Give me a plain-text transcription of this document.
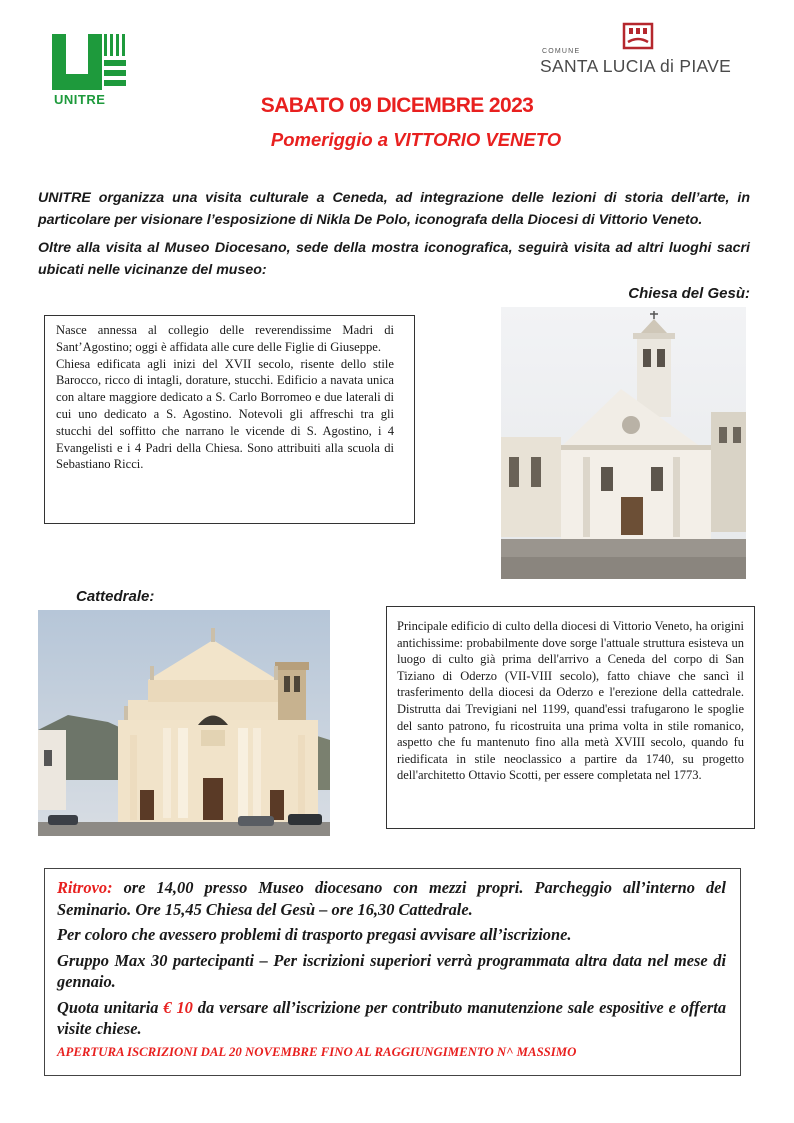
UNITRE
COMUNE
SANTA LUCIA di PIAVE
SABATO 09 DICEMBRE 2023
Pomeriggio a VITTORIO VENETO
UNITRE organizza una visita culturale a Ceneda, ad integrazione delle lezioni di storia dell’arte, in particolare per visionare l’esposizione di Nikla De Polo, iconografa della Diocesi di Vittorio Veneto.
Oltre alla visita al Museo Diocesano, sede della mostra iconografica, seguirà visita ad altri luoghi sacri ubicati nelle vicinanze del museo:
Chiesa del Gesù:
Nasce annessa al collegio delle reverendissime Madri di Sant’Agostino; oggi è affidata alle cure delle Figlie di Giuseppe.
Chiesa edificata agli inizi del XVII secolo, risente dello stile Barocco, ricco di intagli, dorature, stucchi. Edificio a navata unica con altare maggiore dedicato a S. Carlo Borromeo e due laterali di cui uno dedicato a S. Agostino. Notevoli gli affreschi tra gli stucchi del soffitto che narrano le vicende di S. Agostino, i 4 Evangelisti e i 4 Padri della Chiesa. Sono attribuiti alla scuola di Sebastiano Ricci.
Cattedrale:
Principale edificio di culto della diocesi di Vittorio Veneto, ha origini antichissime: probabilmente dove sorge l'attuale struttura esisteva un luogo di culto già prima dell'arrivo a Ceneda del corpo di San Tiziano di Oderzo (VII-VIII secolo), fatto chiave che sancì il trasferimento della diocesi da Oderzo e l'erezione della cattedrale. Distrutta dai Trevigiani nel 1199, quand'essi trafugarono le spoglie del santo patrono, fu ricostruita una prima volta in stile romanico, aspetto che fu mantenuto fino alla metà XVIII secolo, quando fu riedificata in stile neoclassico a partire da 1740, su progetto dell'architetto Ottavio Scotti, per essere completata nel 1773.

Ritrovo: ore 14,00 presso Museo diocesano con mezzi propri. Parcheggio all’interno del Seminario. Ore 15,45 Chiesa del Gesù – ore 16,30 Cattedrale.

Per coloro che avessero problemi di trasporto pregasi avvisare all’iscrizione.

Gruppo Max 30 partecipanti – Per iscrizioni superiori verrà programmata altra data nel mese di gennaio.

Quota unitaria € 10 da versare all’iscrizione per contributo manutenzione sale espositive e offerta visite chiese.

APERTURA ISCRIZIONI DAL 20 NOVEMBRE FINO AL RAGGIUNGIMENTO N^ MASSIMO
